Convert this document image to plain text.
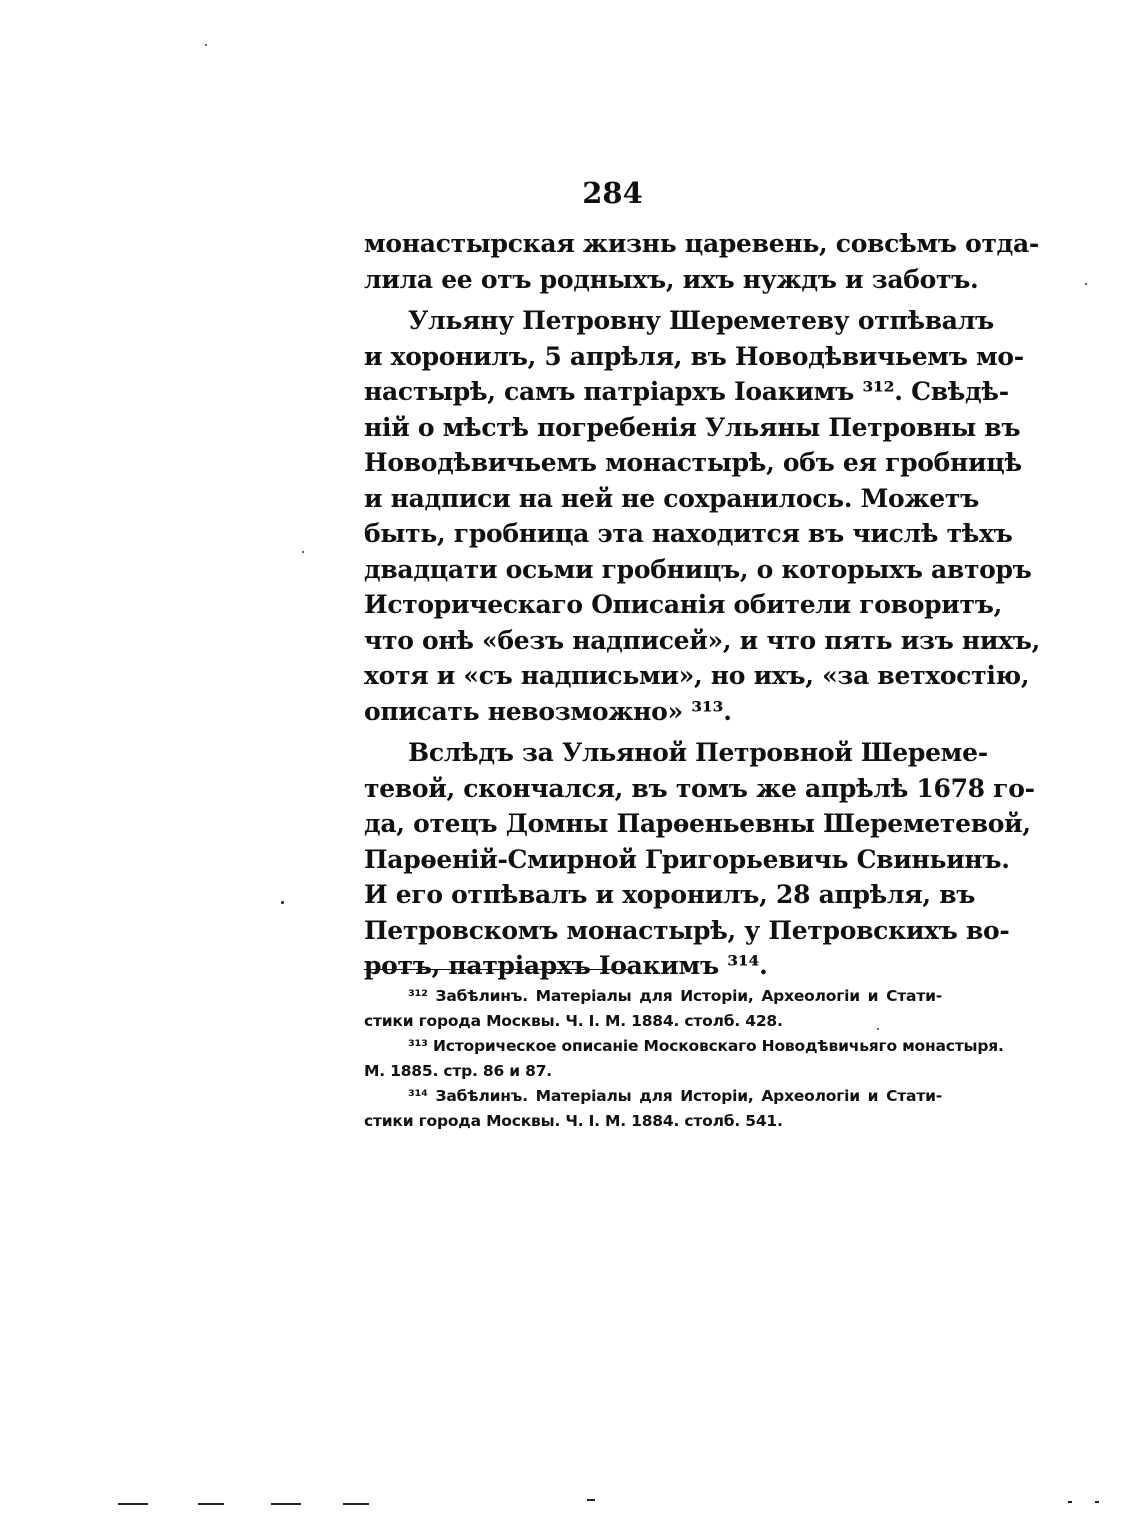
284
монастырская жизнь царевень, совсѣмъ отда-
лила ее отъ родныхъ, ихъ нуждъ и заботъ.
Ульяну Петровну Шереметеву отпѣвалъ
и хоронилъ, 5 апрѣля, въ Новодѣвичьемъ мо-
настырѣ, самъ патріархъ Іоакимъ ³¹². Свѣдѣ-
ній о мѣстѣ погребенія Ульяны Петровны въ
Новодѣвичьемъ монастырѣ, объ ея гробницѣ
и надписи на ней не сохранилось. Можетъ
быть, гробница эта находится въ числѣ тѣхъ
двадцати осьми гробницъ, о которыхъ авторъ
Историческаго Описанія обители говоритъ,
что онѣ «безъ надписей», и что пять изъ нихъ,
хотя и «съ надписьми», но ихъ, «за ветхостію,
описать невозможно» ³¹³.
Вслѣдъ за Ульяной Петровной Шереме-
тевой, скончался, въ томъ же апрѣлѣ 1678 го-
да, отецъ Домны Парѳеньевны Шереметевой,
Парѳеній-Смирной Григорьевичь Свиньинъ.
И его отпѣвалъ и хоронилъ, 28 апрѣля, въ
Петровскомъ монастырѣ, у Петровскихъ во-
ротъ, патріархъ Іоакимъ ³¹⁴.
³¹² Забѣлинъ. Матеріалы для Исторіи, Археологіи и Стати-
стики города Москвы. Ч. I. М. 1884. столб. 428.
³¹³ Историческое описаніе Московскаго Новодѣвичьяго монастыря.
М. 1885. стр. 86 и 87.
³¹⁴ Забѣлинъ. Матеріалы для Исторіи, Археологіи и Стати-
стики города Москвы. Ч. I. М. 1884. столб. 541.
